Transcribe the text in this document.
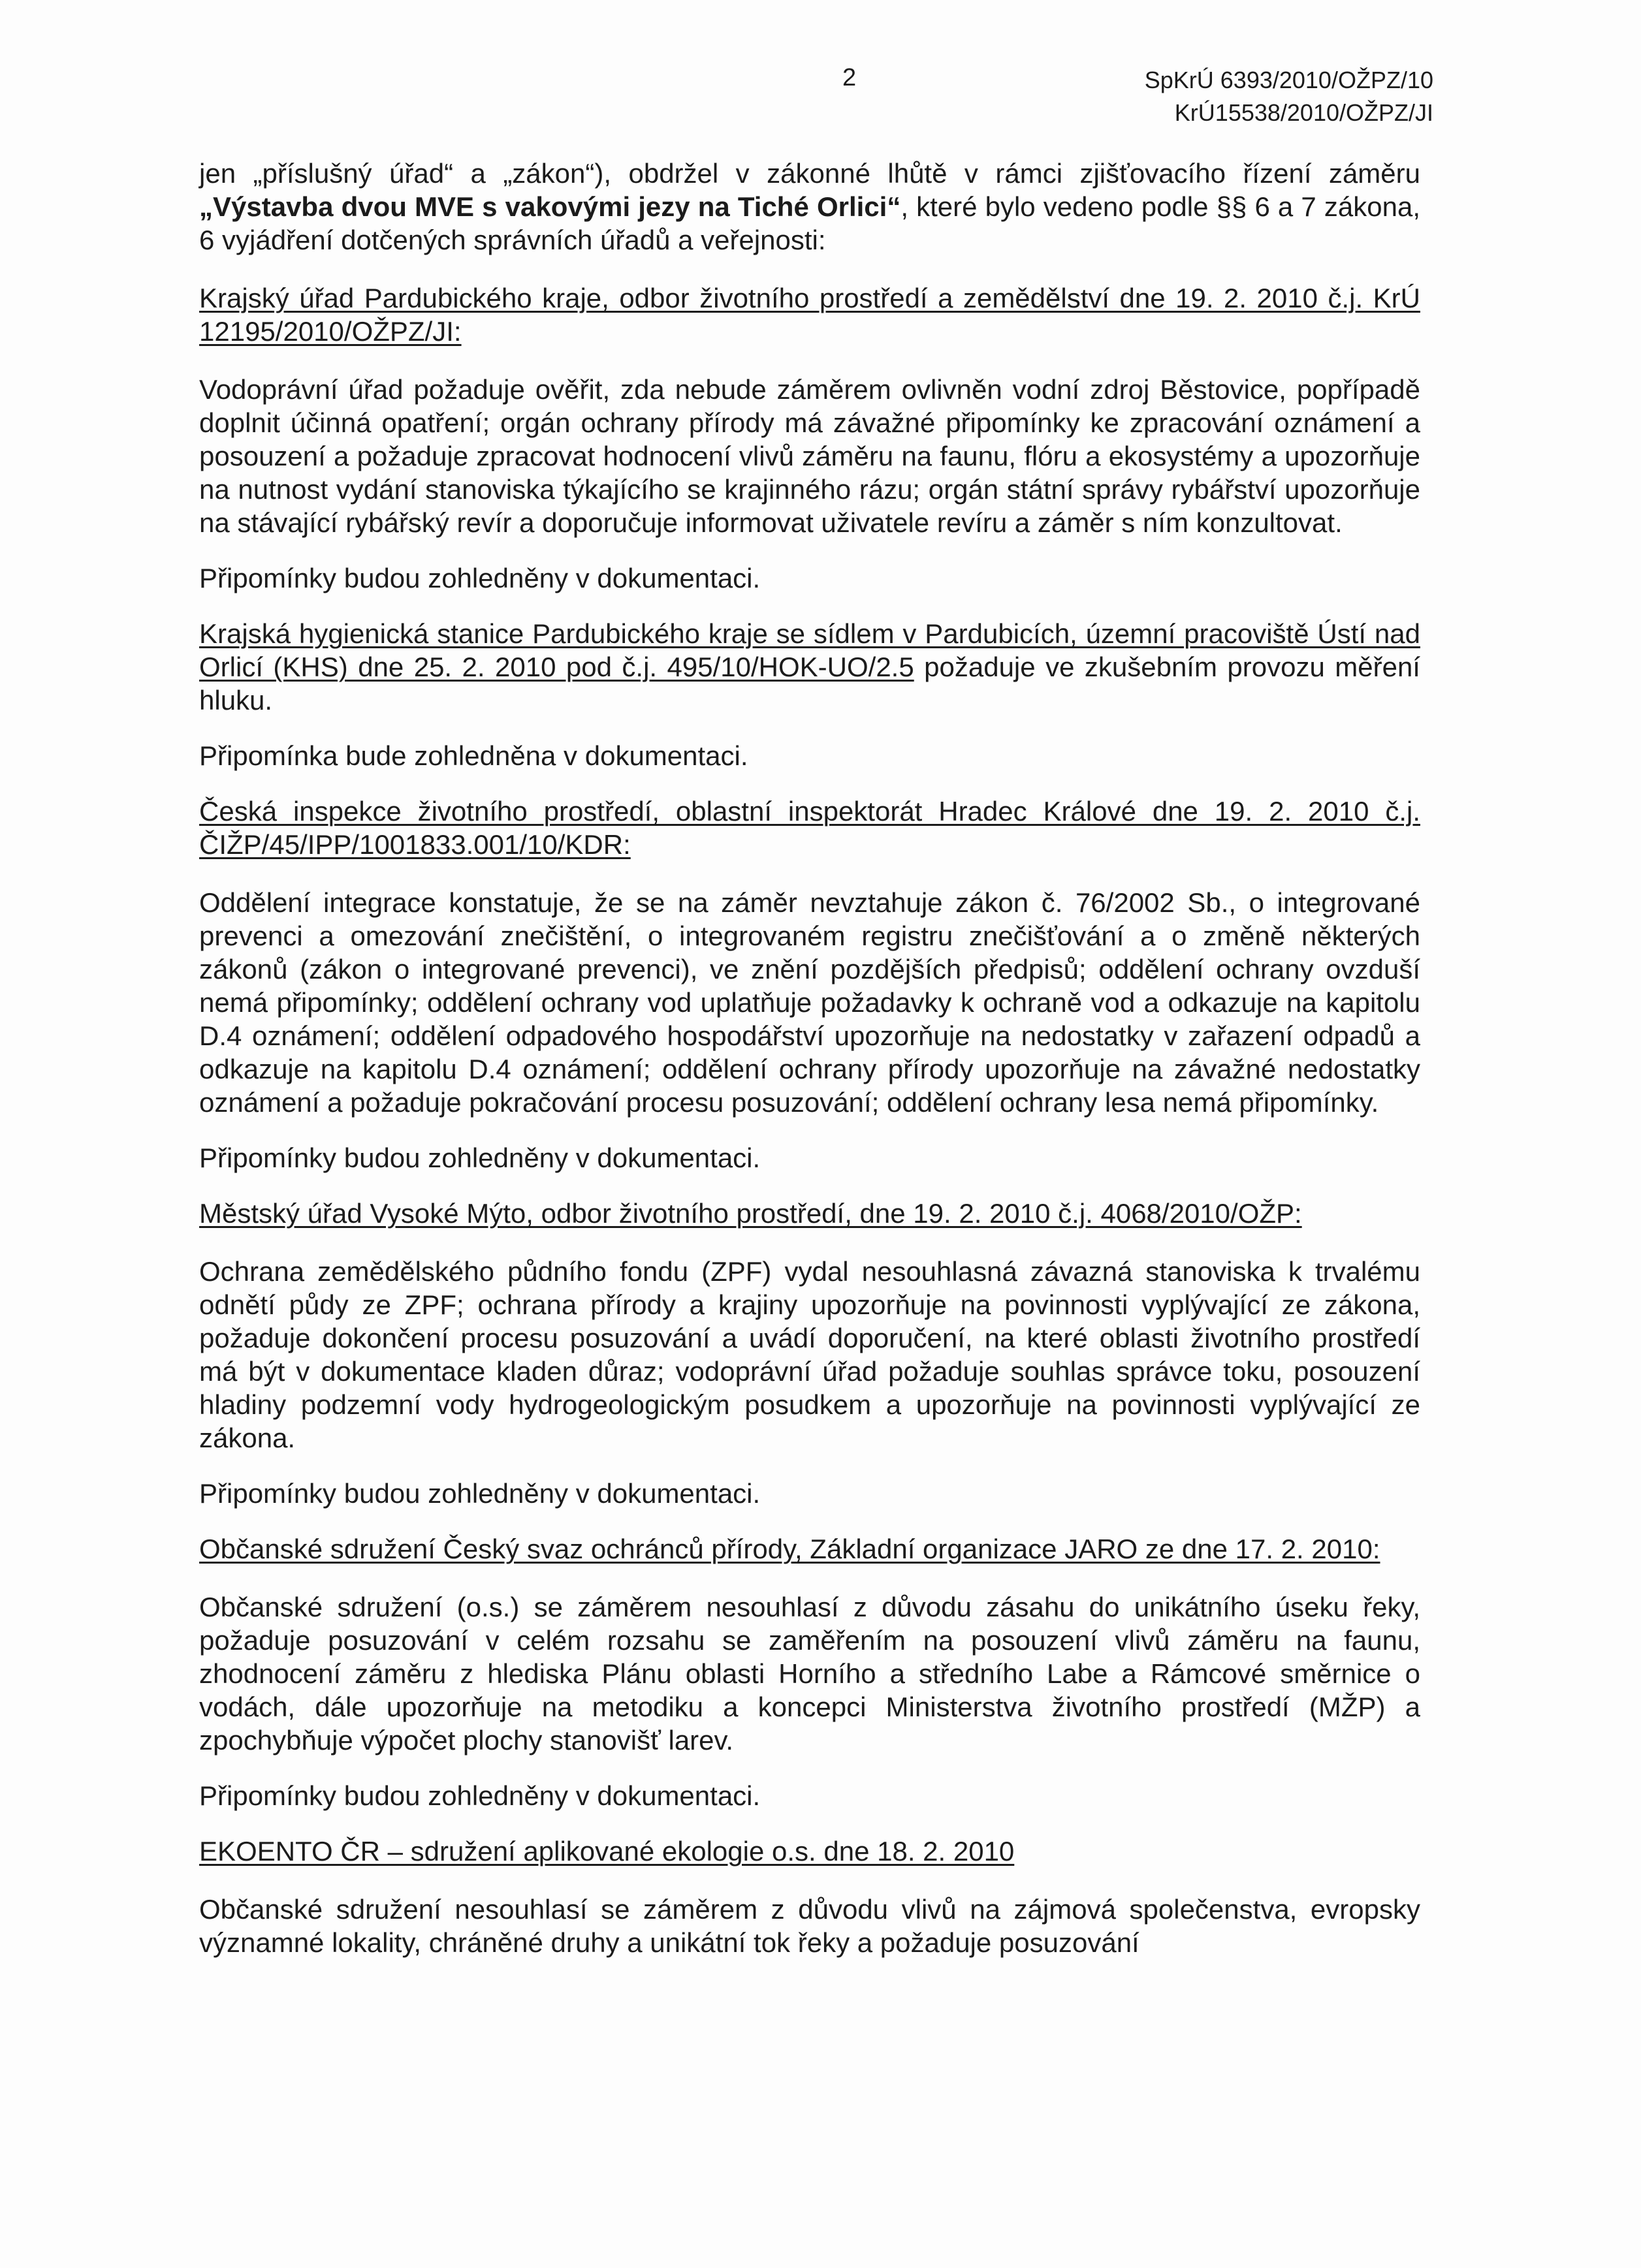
2	SpKrÚ 6393/2010/OŽPZ/10
KrÚ15538/2010/OŽPZ/JI

jen „příslušný úřad“ a „zákon“), obdržel v zákonné lhůtě v rámci zjišťovacího řízení záměru „Výstavba dvou MVE s vakovými jezy na Tiché Orlici“, které bylo vedeno podle §§ 6 a 7 zákona, 6 vyjádření dotčených správních úřadů a veřejnosti:

Krajský úřad Pardubického kraje, odbor životního prostředí a zemědělství dne 19. 2. 2010 č.j. KrÚ 12195/2010/OŽPZ/JI:

Vodoprávní úřad požaduje ověřit, zda nebude záměrem ovlivněn vodní zdroj Běstovice, popřípadě doplnit účinná opatření; orgán ochrany přírody má závažné připomínky ke zpracování oznámení a posouzení a požaduje zpracovat hodnocení vlivů záměru na faunu, flóru a ekosystémy a upozorňuje na nutnost vydání stanoviska týkajícího se krajinného rázu; orgán státní správy rybářství upozorňuje na stávající rybářský revír a doporučuje informovat uživatele revíru a záměr s ním konzultovat.

Připomínky budou zohledněny v dokumentaci.

Krajská hygienická stanice Pardubického kraje se sídlem v Pardubicích, územní pracoviště Ústí nad Orlicí (KHS) dne 25. 2. 2010 pod č.j. 495/10/HOK-UO/2.5 požaduje ve zkušebním provozu měření hluku.

Připomínka bude zohledněna v dokumentaci.

Česká inspekce životního prostředí, oblastní inspektorát Hradec Králové dne 19. 2. 2010 č.j. ČIŽP/45/IPP/1001833.001/10/KDR:

Oddělení integrace konstatuje, že se na záměr nevztahuje zákon č. 76/2002 Sb., o integrované prevenci a omezování znečištění, o integrovaném registru znečišťování a o změně některých zákonů (zákon o integrované prevenci), ve znění pozdějších předpisů; oddělení ochrany ovzduší nemá připomínky; oddělení ochrany vod uplatňuje požadavky k ochraně vod a odkazuje na kapitolu D.4 oznámení; oddělení odpadového hospodářství upozorňuje na nedostatky v zařazení odpadů a odkazuje na kapitolu D.4 oznámení; oddělení ochrany přírody upozorňuje na závažné nedostatky oznámení a požaduje pokračování procesu posuzování; oddělení ochrany lesa nemá připomínky.

Připomínky budou zohledněny v dokumentaci.

Městský úřad Vysoké Mýto, odbor životního prostředí, dne 19. 2. 2010 č.j. 4068/2010/OŽP:

Ochrana zemědělského půdního fondu (ZPF) vydal nesouhlasná závazná stanoviska k trvalému odnětí půdy ze ZPF; ochrana přírody a krajiny upozorňuje na povinnosti vyplývající ze zákona, požaduje dokončení procesu posuzování a uvádí doporučení, na které oblasti životního prostředí má být v dokumentace kladen důraz; vodoprávní úřad požaduje souhlas správce toku, posouzení hladiny podzemní vody hydrogeologickým posudkem a upozorňuje na povinnosti vyplývající ze zákona.

Připomínky budou zohledněny v dokumentaci.

Občanské sdružení Český svaz ochránců přírody, Základní organizace JARO ze dne 17. 2. 2010:

Občanské sdružení (o.s.) se záměrem nesouhlasí z důvodu zásahu do unikátního úseku řeky, požaduje posuzování v celém rozsahu se zaměřením na posouzení vlivů záměru na faunu, zhodnocení záměru z hlediska Plánu oblasti Horního a středního Labe a Rámcové směrnice o vodách, dále upozorňuje na metodiku a koncepci Ministerstva životního prostředí (MŽP) a zpochybňuje výpočet plochy stanovišť larev.

Připomínky budou zohledněny v dokumentaci.

EKOENTO ČR – sdružení aplikované ekologie o.s. dne 18. 2. 2010

Občanské sdružení nesouhlasí se záměrem z důvodu vlivů na zájmová společenstva, evropsky významné lokality, chráněné druhy a unikátní tok řeky a požaduje posuzování
